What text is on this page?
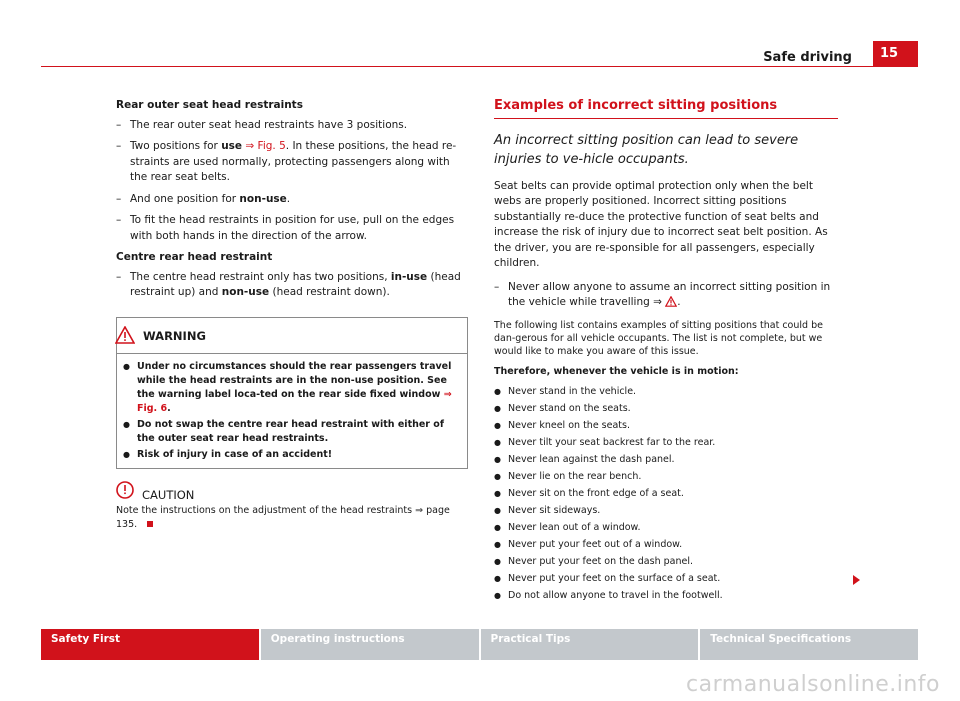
Safe driving	15
Rear outer seat head restraints
– The rear outer seat head restraints have 3 positions.
– Two positions for use ⇒ Fig. 5. In these positions, the head re-straints are used normally, protecting passengers along with the rear seat belts.
– And one position for non-use.
– To fit the head restraints in position for use, pull on the edges with both hands in the direction of the arrow.
Centre rear head restraint
– The centre head restraint only has two positions, in-use (head restraint up) and non-use (head restraint down).
WARNING
● Under no circumstances should the rear passengers travel while the head restraints are in the non-use position. See the warning label loca-ted on the rear side fixed window ⇒ Fig. 6.
● Do not swap the centre rear head restraint with either of the outer seat rear head restraints.
● Risk of injury in case of an accident!
CAUTION
Note the instructions on the adjustment of the head restraints ⇒ page 135.
Examples of incorrect sitting positions
An incorrect sitting position can lead to severe injuries to ve-hicle occupants.
Seat belts can provide optimal protection only when the belt webs are properly positioned. Incorrect sitting positions substantially re-duce the protective function of seat belts and increase the risk of injury due to incorrect seat belt position. As the driver, you are re-sponsible for all passengers, especially children.
– Never allow anyone to assume an incorrect sitting position in the vehicle while travelling ⇒ .
The following list contains examples of sitting positions that could be dan-gerous for all vehicle occupants. The list is not complete, but we would like to make you aware of this issue.
Therefore, whenever the vehicle is in motion:
● Never stand in the vehicle.
● Never stand on the seats.
● Never kneel on the seats.
● Never tilt your seat backrest far to the rear.
● Never lean against the dash panel.
● Never lie on the rear bench.
● Never sit on the front edge of a seat.
● Never sit sideways.
● Never lean out of a window.
● Never put your feet out of a window.
● Never put your feet on the dash panel.
● Never put your feet on the surface of a seat.
● Do not allow anyone to travel in the footwell.
Safety First	Operating instructions	Practical Tips	Technical Specifications
carmanualsonline.info
